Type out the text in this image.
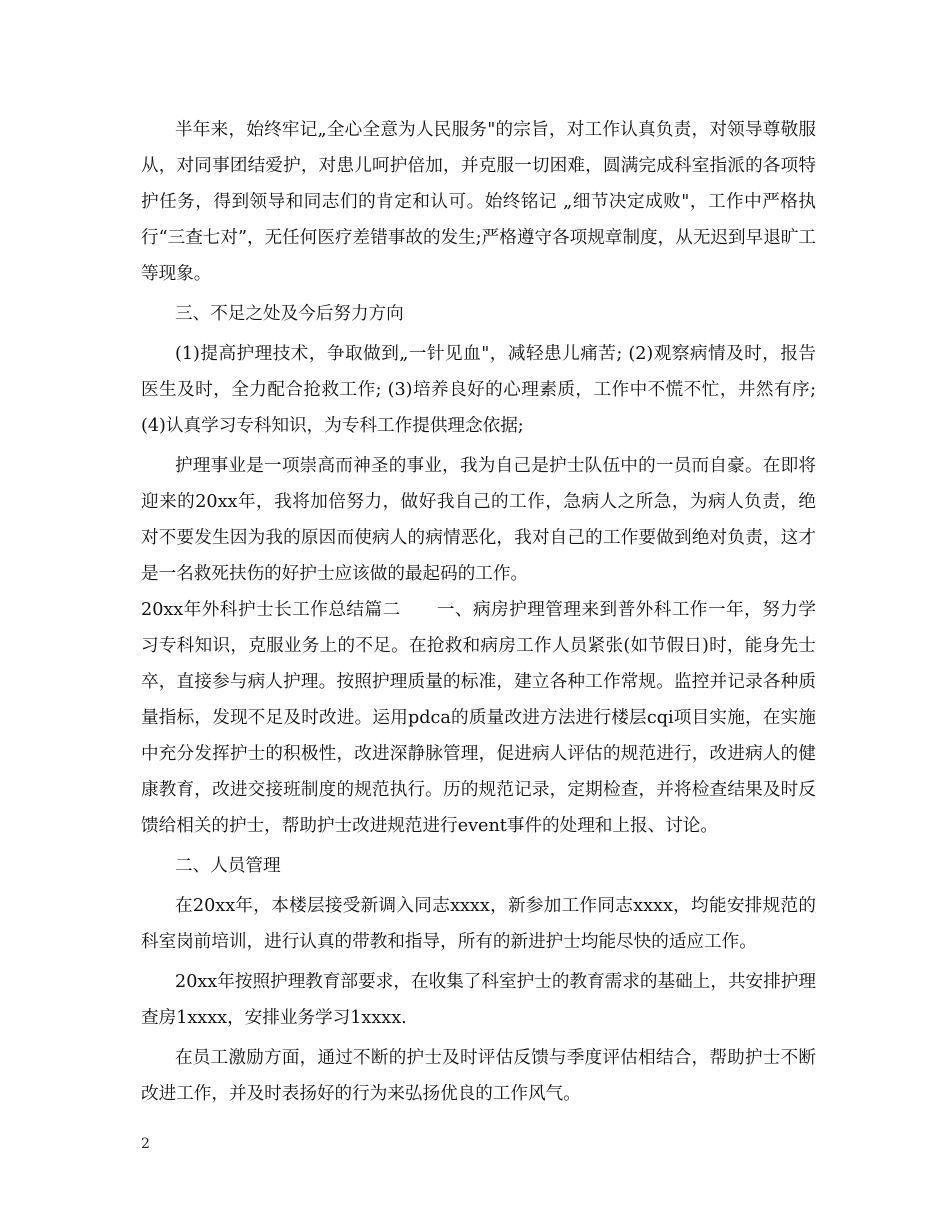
半年来，始终牢记„全心全意为人民服务"的宗旨，对工作认真负责，对领导尊敬服从，对同事团结爱护，对患儿呵护倍加，并克服一切困难，圆满完成科室指派的各项特护任务，得到领导和同志们的肯定和认可。始终铭记 „细节决定成败"，工作中严格执行“三查七对”，无任何医疗差错事故的发生;严格遵守各项规章制度，从无迟到早退旷工等现象。

三、不足之处及今后努力方向

(1)提高护理技术，争取做到„一针见血"，减轻患儿痛苦; (2)观察病情及时，报告医生及时，全力配合抢救工作; (3)培养良好的心理素质，工作中不慌不忙，井然有序; (4)认真学习专科知识，为专科工作提供理念依据;

护理事业是一项崇高而神圣的事业，我为自己是护士队伍中的一员而自豪。在即将迎来的20xx年，我将加倍努力，做好我自己的工作，急病人之所急，为病人负责，绝对不要发生因为我的原因而使病人的病情恶化，我对自己的工作要做到绝对负责，这才是一名救死扶伤的好护士应该做的最起码的工作。

20xx年外科护士长工作总结篇二　　一、病房护理管理来到普外科工作一年，努力学习专科知识，克服业务上的不足。在抢救和病房工作人员紧张(如节假日)时，能身先士卒，直接参与病人护理。按照护理质量的标准，建立各种工作常规。监控并记录各种质量指标，发现不足及时改进。运用pdca的质量改进方法进行楼层cqi项目实施，在实施中充分发挥护士的积极性，改进深静脉管理，促进病人评估的规范进行，改进病人的健康教育，改进交接班制度的规范执行。历的规范记录，定期检查，并将检查结果及时反馈给相关的护士，帮助护士改进规范进行event事件的处理和上报、讨论。

二、人员管理

在20xx年，本楼层接受新调入同志xxxx，新参加工作同志xxxx，均能安排规范的科室岗前培训，进行认真的带教和指导，所有的新进护士均能尽快的适应工作。

20xx年按照护理教育部要求，在收集了科室护士的教育需求的基础上，共安排护理查房1xxxx，安排业务学习1xxxx.

在员工激励方面，通过不断的护士及时评估反馈与季度评估相结合，帮助护士不断改进工作，并及时表扬好的行为来弘扬优良的工作风气。

2
